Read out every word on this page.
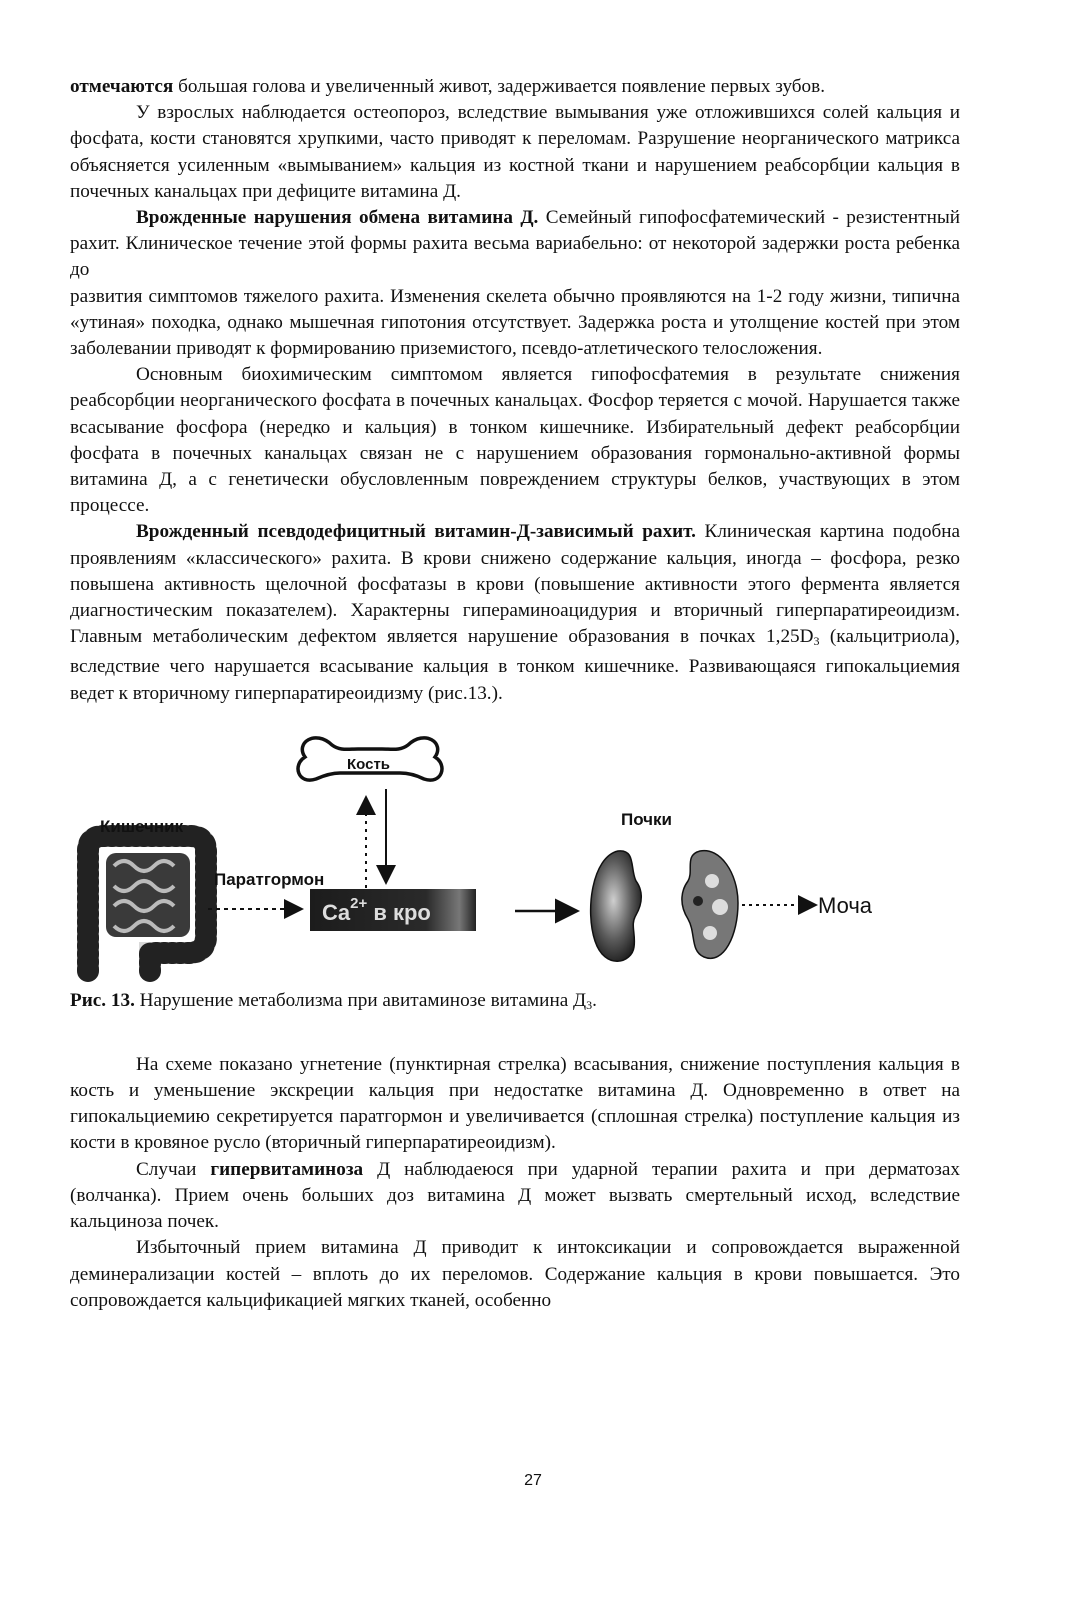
отмечаются большая голова и увеличенный живот, задерживается появление первых зубов.

У взрослых наблюдается остеопороз, вследствие вымывания уже отложившихся солей кальция и фосфата, кости становятся хрупкими, часто приводят к переломам. Разрушение неорганического матрикса объясняется усиленным «вымыванием» кальция из костной ткани и нарушением реабсорбции кальция в почечных канальцах при дефиците витамина Д.

Врожденные нарушения обмена витамина Д. Семейный гипофосфатемический - резистентный рахит. Клиническое течение этой формы рахита весьма вариабельно: от некоторой задержки роста ребенка до

развития симптомов тяжелого рахита. Изменения скелета обычно проявляются на 1-2 году жизни, типична «утиная» походка, однако мышечная гипотония отсутствует. Задержка роста и утолщение костей при этом заболевании приводят к формированию приземистого, псевдо-атлетического телосложения.

Основным биохимическим симптомом является гипофосфатемия в результате снижения реабсорбции неорганического фосфата в почечных канальцах. Фосфор теряется с мочой. Нарушается также всасывание фосфора (нередко и кальция) в тонком кишечнике. Избирательный дефект реабсорбции фосфата в почечных канальцах связан не с нарушением образования гормонально-активной формы витамина Д, а с генетически обусловленным повреждением структуры белков, участвующих в этом процессе.

Врожденный псевдодефицитный витамин-Д-зависимый рахит. Клиническая картина подобна проявлениям «классического» рахита. В крови снижено содержание кальция, иногда – фосфора, резко повышена активность щелочной фосфатазы в крови (повышение активности этого фермента является диагностическим показателем). Характерны гипераминоацидурия и вторичный гиперпаратиреоидизм. Главным метаболическим дефектом является нарушение образования в почках $1,25D_3$ (кальцитриола), вследствие чего нарушается всасывание кальция в тонком кишечнике. Развивающаяся гипокальциемия ведет к вторичному гиперпаратиреоидизму (рис.13.).

Кость
Кишечник
Паратгормон
$Ca^{2+}$ в кро
Почки
Моча

Рис. 13. Нарушение метаболизма при авитаминозе витамина $Д_3$.

На схеме показано угнетение (пунктирная стрелка) всасывания, снижение поступления кальция в кость и уменьшение экскреции кальция при недостатке витамина Д. Одновременно в ответ на гипокальциемию секретируется паратгормон и увеличивается (сплошная стрелка) поступление кальция из кости в кровяное русло (вторичный гиперпаратиреоидизм).

Случаи гипервитаминоза Д наблюдаеюся при ударной терапии рахита и при дерматозах (волчанка). Прием очень больших доз витамина Д может вызвать смертельный исход, вследствие кальциноза почек.

Избыточный прием витамина Д приводит к интоксикации и сопровождается выраженной деминерализации костей – вплоть до их переломов. Содержание кальция в крови повышается. Это сопровождается кальцификацией мягких тканей, особенно

27
